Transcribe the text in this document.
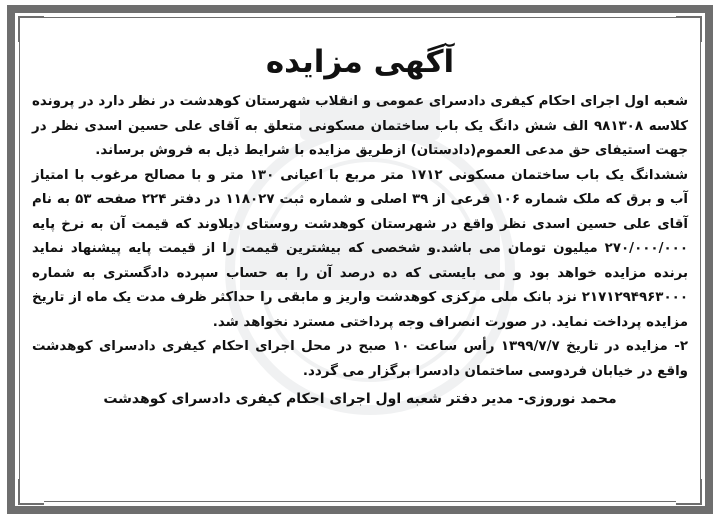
آگهی مزایده

شعبه اول اجرای احکام کیفری دادسرای عمومی و انقلاب شهرستان کوهدشت در نظر دارد در پرونده کلاسه ۹۸۱۳۰۸ الف شش دانگ یک باب ساختمان مسکونی متعلق به آقای علی حسین اسدی نظر در جهت استیفای حق مدعی العموم(دادستان) ازطریق مزایده با شرایط ذیل به فروش برساند.

ششدانگ یک باب ساختمان مسکونی ۱۷۱۲ متر مربع با اعیانی ۱۳۰ متر و با مصالح مرغوب با امتیاز آب و برق که ملک شماره ۱۰۶ فرعی از ۳۹ اصلی و شماره ثبت ۱۱۸۰۲۷ در دفتر ۲۲۴ صفحه ۵۳ به نام آقای علی حسین اسدی نظر واقع در شهرستان کوهدشت روستای دیلاوند که قیمت آن به نرخ پایه ۲۷۰/۰۰۰/۰۰۰ میلیون تومان می باشد.و شخصی که بیشترین قیمت را از قیمت پایه پیشنهاد نماید برنده مزایده خواهد بود و می بایستی که ده درصد آن را به حساب سپرده دادگستری به شماره ۲۱۷۱۲۹۴۹۶۳۰۰۰ نزد بانک ملی مرکزی کوهدشت واریز و مابقی را حداکثر ظرف مدت یک ماه از تاریخ مزایده پرداخت نماید. در صورت انصراف وجه پرداختی مسترد نخواهد شد.

۲- مزایده در تاریخ ۱۳۹۹/۷/۷ رأس ساعت ۱۰ صبح در محل اجرای احکام کیفری دادسرای کوهدشت واقع در خیابان فردوسی ساختمان دادسرا برگزار می گردد.

محمد نوروزی- مدیر دفتر شعبه اول اجرای احکام کیفری دادسرای کوهدشت
